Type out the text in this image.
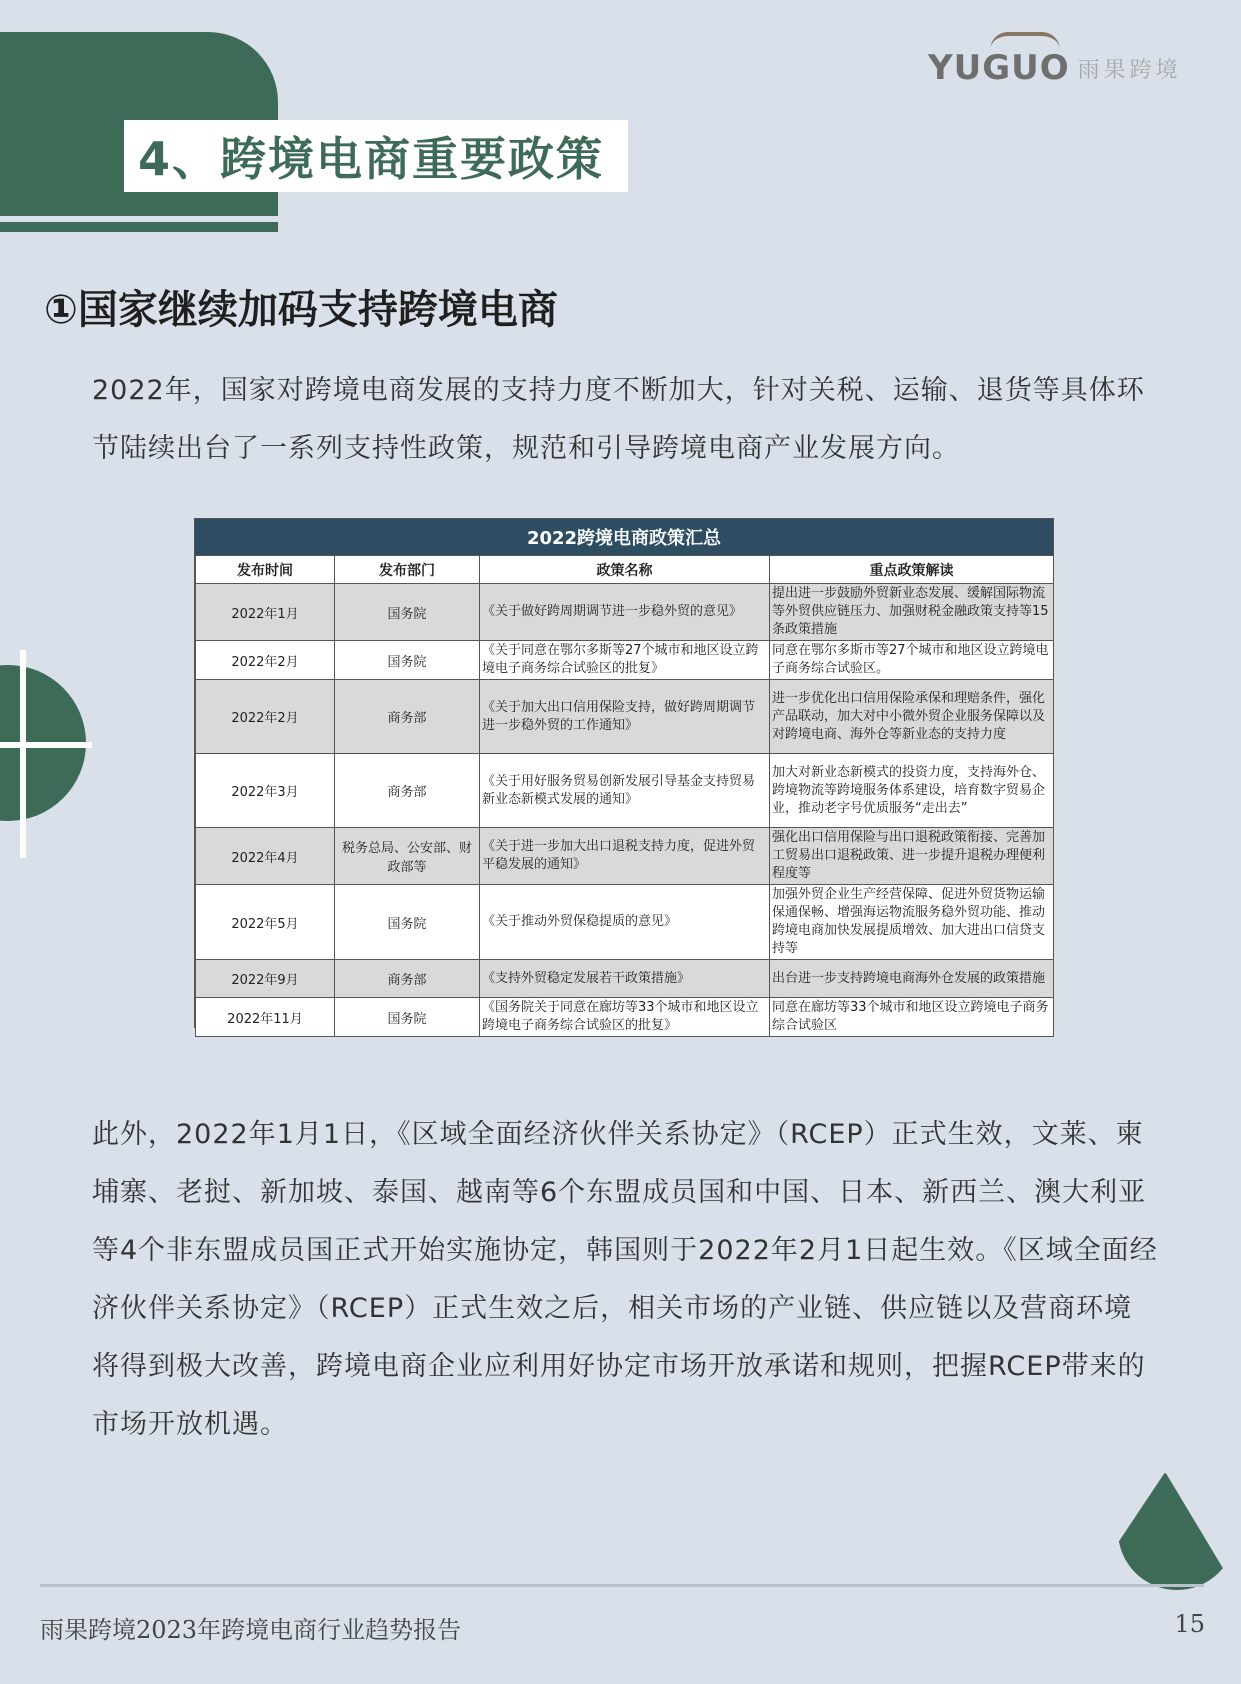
YUGUO 雨果跨境
4、跨境电商重要政策
①国家继续加码支持跨境电商

2022年，国家对跨境电商发展的支持力度不断加大，针对关税、运输、退货等具体环节陆续出台了一系列支持性政策，规范和引导跨境电商产业发展方向。

2022跨境电商政策汇总
发布时间	发布部门	政策名称	重点政策解读
2022年1月	国务院	《关于做好跨周期调节进一步稳外贸的意见》	提出进一步鼓励外贸新业态发展、缓解国际物流等外贸供应链压力、加强财税金融政策支持等15条政策措施
2022年2月	国务院	《关于同意在鄂尔多斯等27个城市和地区设立跨境电子商务综合试验区的批复》	同意在鄂尔多斯市等27个城市和地区设立跨境电子商务综合试验区。
2022年2月	商务部	《关于加大出口信用保险支持，做好跨周期调节进一步稳外贸的工作通知》	进一步优化出口信用保险承保和理赔条件，强化产品联动，加大对中小微外贸企业服务保障以及对跨境电商、海外仓等新业态的支持力度
2022年3月	商务部	《关于用好服务贸易创新发展引导基金支持贸易新业态新模式发展的通知》	加大对新业态新模式的投资力度，支持海外仓、跨境物流等跨境服务体系建设，培育数字贸易企业，推动老字号优质服务“走出去”
2022年4月	税务总局、公安部、财政部等	《关于进一步加大出口退税支持力度，促进外贸平稳发展的通知》	强化出口信用保险与出口退税政策衔接、完善加工贸易出口退税政策、进一步提升退税办理便利程度等
2022年5月	国务院	《关于推动外贸保稳提质的意见》	加强外贸企业生产经营保障、促进外贸货物运输保通保畅、增强海运物流服务稳外贸功能、推动跨境电商加快发展提质增效、加大进出口信贷支持等
2022年9月	商务部	《支持外贸稳定发展若干政策措施》	出台进一步支持跨境电商海外仓发展的政策措施
2022年11月	国务院	《国务院关于同意在廊坊等33个城市和地区设立跨境电子商务综合试验区的批复》	同意在廊坊等33个城市和地区设立跨境电子商务综合试验区

此外，2022年1月1日，《区域全面经济伙伴关系协定》（RCEP）正式生效，文莱、柬埔寨、老挝、新加坡、泰国、越南等6个东盟成员国和中国、日本、新西兰、澳大利亚等4个非东盟成员国正式开始实施协定，韩国则于2022年2月1日起生效。《区域全面经济伙伴关系协定》（RCEP）正式生效之后，相关市场的产业链、供应链以及营商环境将得到极大改善，跨境电商企业应利用好协定市场开放承诺和规则，把握RCEP带来的市场开放机遇。

雨果跨境2023年跨境电商行业趋势报告	15
